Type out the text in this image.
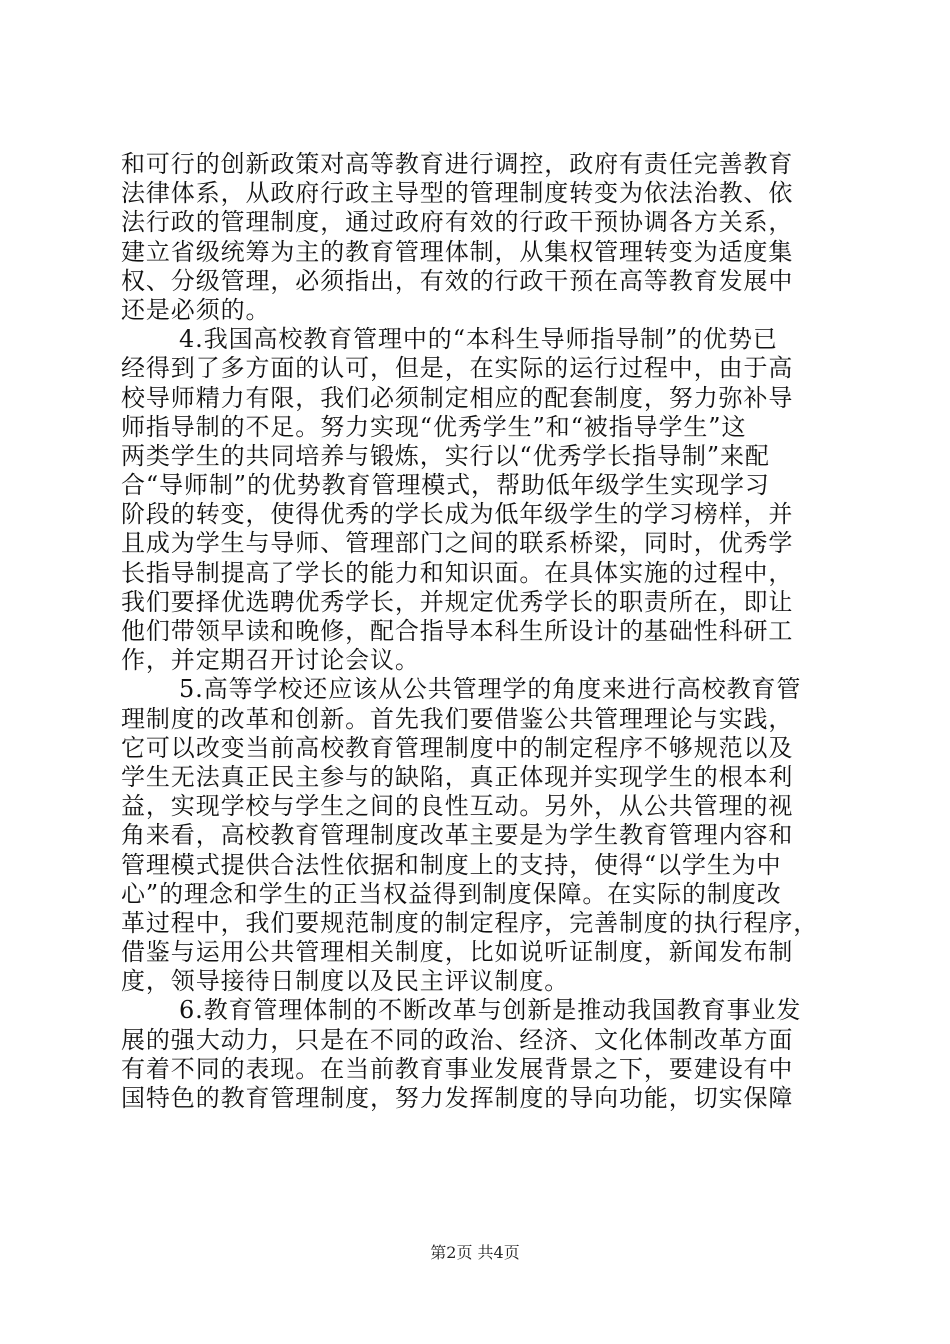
和可行的创新政策对高等教育进行调控，政府有责任完善教育
法律体系，从政府行政主导型的管理制度转变为依法治教、依
法行政的管理制度，通过政府有效的行政干预协调各方关系，
建立省级统筹为主的教育管理体制，从集权管理转变为适度集
权、分级管理，必须指出，有效的行政干预在高等教育发展中
还是必须的。
4.我国高校教育管理中的“本科生导师指导制”的优势已
经得到了多方面的认可，但是，在实际的运行过程中，由于高
校导师精力有限，我们必须制定相应的配套制度，努力弥补导
师指导制的不足。努力实现“优秀学生”和“被指导学生”这
两类学生的共同培养与锻炼，实行以“优秀学长指导制”来配
合“导师制”的优势教育管理模式，帮助低年级学生实现学习
阶段的转变，使得优秀的学长成为低年级学生的学习榜样，并
且成为学生与导师、管理部门之间的联系桥梁，同时，优秀学
长指导制提高了学长的能力和知识面。在具体实施的过程中，
我们要择优选聘优秀学长，并规定优秀学长的职责所在，即让
他们带领早读和晚修，配合指导本科生所设计的基础性科研工
作，并定期召开讨论会议。
5.高等学校还应该从公共管理学的角度来进行高校教育管
理制度的改革和创新。首先我们要借鉴公共管理理论与实践，
它可以改变当前高校教育管理制度中的制定程序不够规范以及
学生无法真正民主参与的缺陷，真正体现并实现学生的根本利
益，实现学校与学生之间的良性互动。另外，从公共管理的视
角来看，高校教育管理制度改革主要是为学生教育管理内容和
管理模式提供合法性依据和制度上的支持，使得“以学生为中
心”的理念和学生的正当权益得到制度保障。在实际的制度改
革过程中，我们要规范制度的制定程序，完善制度的执行程序，
借鉴与运用公共管理相关制度，比如说听证制度，新闻发布制
度，领导接待日制度以及民主评议制度。
6.教育管理体制的不断改革与创新是推动我国教育事业发
展的强大动力，只是在不同的政治、经济、文化体制改革方面
有着不同的表现。在当前教育事业发展背景之下，要建设有中
国特色的教育管理制度，努力发挥制度的导向功能，切实保障
第2页 共4页
